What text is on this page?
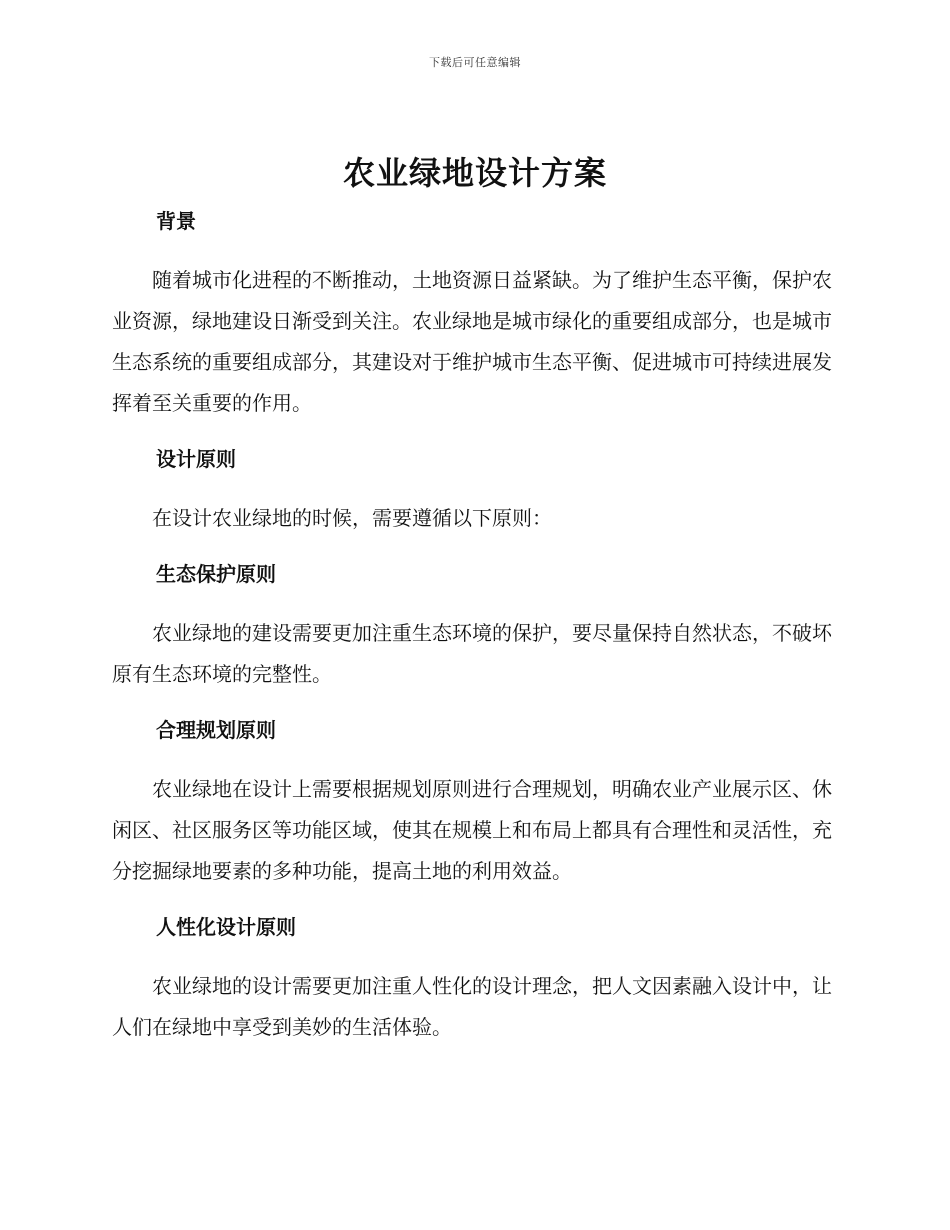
下载后可任意编辑
农业绿地设计方案
背景

随着城市化进程的不断推动，土地资源日益紧缺。为了维护生态平衡，保护农业资源，绿地建设日渐受到关注。农业绿地是城市绿化的重要组成部分，也是城市生态系统的重要组成部分，其建设对于维护城市生态平衡、促进城市可持续进展发挥着至关重要的作用。

设计原则

在设计农业绿地的时候，需要遵循以下原则：

生态保护原则

农业绿地的建设需要更加注重生态环境的保护，要尽量保持自然状态，不破坏原有生态环境的完整性。

合理规划原则

农业绿地在设计上需要根据规划原则进行合理规划，明确农业产业展示区、休闲区、社区服务区等功能区域，使其在规模上和布局上都具有合理性和灵活性，充分挖掘绿地要素的多种功能，提高土地的利用效益。

人性化设计原则

农业绿地的设计需要更加注重人性化的设计理念，把人文因素融入设计中，让人们在绿地中享受到美妙的生活体验。
